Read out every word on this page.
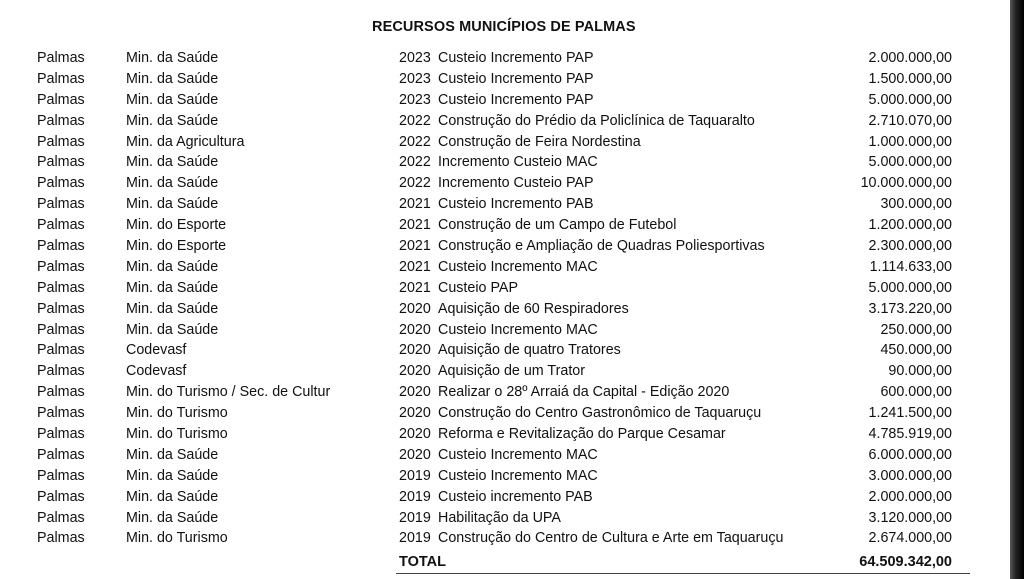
RECURSOS MUNICÍPIOS DE PALMAS
Palmas	Min. da Saúde	2023 Custeio Incremento PAP	2.000.000,00
Palmas	Min. da Saúde	2023 Custeio Incremento PAP	1.500.000,00
Palmas	Min. da Saúde	2023 Custeio Incremento PAP	5.000.000,00
Palmas	Min. da Saúde	2022 Construção do Prédio da Policlínica de Taquaralto	2.710.070,00
Palmas	Min. da Agricultura	2022 Construção de Feira Nordestina	1.000.000,00
Palmas	Min. da Saúde	2022 Incremento Custeio MAC	5.000.000,00
Palmas	Min. da Saúde	2022 Incremento Custeio PAP	10.000.000,00
Palmas	Min. da Saúde	2021 Custeio Incremento PAB	300.000,00
Palmas	Min. do Esporte	2021 Construção de um Campo de Futebol	1.200.000,00
Palmas	Min. do Esporte	2021 Construção e Ampliação de Quadras Poliesportivas	2.300.000,00
Palmas	Min. da Saúde	2021 Custeio Incremento MAC	1.114.633,00
Palmas	Min. da Saúde	2021 Custeio PAP	5.000.000,00
Palmas	Min. da Saúde	2020 Aquisição de 60 Respiradores	3.173.220,00
Palmas	Min. da Saúde	2020 Custeio Incremento MAC	250.000,00
Palmas	Codevasf	2020 Aquisição de quatro Tratores	450.000,00
Palmas	Codevasf	2020 Aquisição de um Trator	90.000,00
Palmas	Min. do Turismo / Sec. de Cultur	2020 Realizar o 28º Arraiá da Capital - Edição 2020	600.000,00
Palmas	Min. do Turismo	2020 Construção do Centro Gastronômico de Taquaruçu	1.241.500,00
Palmas	Min. do Turismo	2020 Reforma e Revitalização do Parque Cesamar	4.785.919,00
Palmas	Min. da Saúde	2020 Custeio Incremento MAC	6.000.000,00
Palmas	Min. da Saúde	2019 Custeio Incremento MAC	3.000.000,00
Palmas	Min. da Saúde	2019 Custeio incremento PAB	2.000.000,00
Palmas	Min. da Saúde	2019 Habilitação da UPA	3.120.000,00
Palmas	Min. do Turismo	2019 Construção do Centro de Cultura e Arte em Taquaruçu	2.674.000,00
TOTAL	64.509.342,00
